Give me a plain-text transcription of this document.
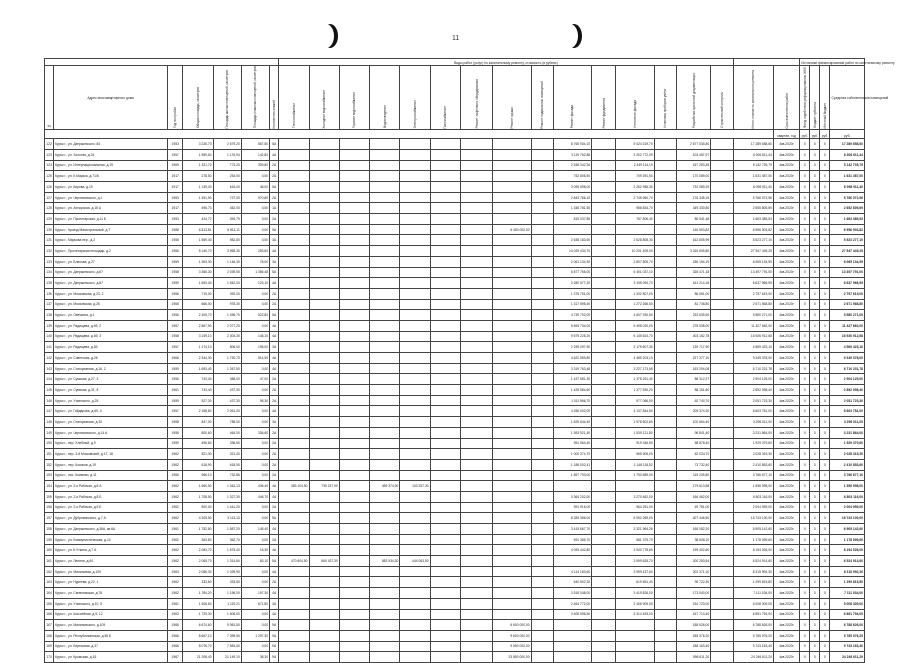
11
							Виды работ (услуг) по капитальному ремонту, стоимость (в рублях)																	Источники финансирования работ по капитальному ремонту			
№	Адрес многоквартирного дома	Год постройки	Общая площадь, кв.метров	Площадь жилых помещений, кв.метров	Площадь нежилых помещений, кв.метров	Количество этажей	Теплоснабжение	Холодное водоснабжение	Горячее водоснабжение	Водоотведение	Электроснабжение	Газоснабжение	Ремонт лифтового оборудования	Ремонт крыши	Ремонт подвальных помещений	Ремонт фасада	Ремонт фундамента	Утепление фасада	Установка приборов учёта	Разработка проектной документации	Строительный контроль	Итого стоимость капитального ремонта	Срок выполнения работ	Фонд содействия реформированию ЖКХ	Бюджет субъекта	Местный бюджет	Средства собственников помещений
																							квартал, год	руб.	руб.	руб.	руб.
122	Курск г., ул. Дзержинского, 84	1953	3 226,70	2 679,20	567,50	5А										8 765 904,10		9 424 319,70		2 677 534,80		17 289 658,60	4кв.2020г	0	0	0	17 289 658,60
123	Курск г., ул. Золотая, д.24	1957	1 559,54	1 176,94	142,80	4А										3 119 762,88		3 202 772,09		103 457,97		6 306 611,44	4кв.2020г	0	0	0	6 306 611,44
124	Курск г., ул. Интернациональная, д.19	1969	1 321,70	773,20	309,80	2А										2 538 342,30		2 449 114,19		157 283,35		5 142 739,79	4кв.2020г	0	0	0	5 142 739,79
125	Курск г., ул. К.Маркса, д.71/6	1917	278,50	254,50	0,00	2А										752 806,50		709 391,50		170 089,00		1 631 487,00	4кв.2020г	0	0	0	1 631 487,00
126	Курск г., ул. Кирова, д.19	1917	1 139,30	616,00	48,00	5А										3 099 598,00		2 262 955,30		732 089,29		6 098 911,40	4кв.2020г	0	0	0	6 098 911,40
127	Курск г., ул. Черняховского, д.1	1953	1 491,90	727,00	970,80	2А										2 843 766,10		2 745 960,70		176 345,15		5 766 072,96	4кв.2020г	0	0	0	5 766 072,96
128	Курск г., ул. Ахтырская, д.18 А	1917	496,70	452,00	0,00	1А										1 348 781,50		986 834,70		349 330,80		2 655 805,69	4кв.2020г	0	0	0	2 652 805,69
129	Курск г., ул. Пролетарская, д.11 Б	1953	424,72	394,79	0,00	2А										815 037,85		767 806,40		80 541,48		1 663 385,53	4кв.2020г	0	0	0	1 663 385,53
130	Курск г., проезд Магистральный, д.7	1988	6 813,81	6 814,11	0,00	9А								6 450 000,00						146 903,82		6 596 903,82	4кв.2020г	0	0	0	6 596 903,82
131	Курск г., Маркова пер., д.2	1956	1 569,40	982,80	0,00	3А										2 638 183,60		2 628 808,30		162 605,99		5 523 277,10	4кв.2020г	0	0	0	5 523 277,10
132	Курск г., Пролетарская площадь, д.2	1966	5 140,70	3 965,30	253,60	4А										14 029 434,70		10 201 409,00		3 316 605,80		27 547 449,25	4кв.2020г	0	0	0	27 547 449,25
133	Курск г., ул. Блинова, д.27	1959	1 963,30	1 146,30	78,00	3А										2 061 134,30		2 807 805,70		186 194,19		6 065 134,59	4кв.2020г	0	0	0	6 065 134,59
134	Курск г., ул. Дзержинского, д.67	1958	3 366,30	2 039,50	1 366,48	5А										6 877 765,00		6 401 037,10		328 471,18		13 497 791,00	4кв.2020г	0	0	0	13 497 791,00
135	Курск г., ул. Дзержинского, д.87	1959	1 653,40	1 542,00	123,10	4А										3 280 577,20		3 195 094,70		161 214,18		6 637 966,95	4кв.2020г	0	0	0	6 637 966,95
136	Курск г., ул. Московская, д.23, 2	1956	719,00	392,00	0,00	2А										1 378 751,00		1 332 807,00		86 061,00		2 797 619,00	4кв.2020г	0	0	0	2 797 619,00
137	Курск г., ул. Московская, д.26	1966	666,00	978,30	0,00	2А										1 317 595,40		1 272 266,60		81 736,80		2 671 568,80	4кв.2020г	0	0	0	2 671 568,80
138	Курск г., ул. Овечкина, д.1	1956	2 405,70	1 496,70	522,80	5А										4 739 702,00		4 607 930,50		233 639,50		9 580 271,00	4кв.2020г	0	0	0	9 580 271,00
139	Курск г., ул. Радищева, д.69, 2	1957	2 867,90	2 077,20	0,00	4А										5 653 704,00		5 495 020,00		278 938,00		11 427 662,00	4кв.2020г	0	0	0	11 427 662,00
140	Курск г., ул. Радищева, д.69, 3	1958	3 249,10	2 304,30	146,10	4А										9 579 225,20		6 145 524,70		403 152,78		16 926 912,68	4кв.2020г	0	0	0	16 926 912,68
141	Курск г., ул. Радищева, д.83	1957	1 174,10	806,00	196,00	3А										2 259 097,90		2 175 607,30		139 717,90		4 569 423,10	4кв.2020г	0	0	0	4 569 423,10
142	Курск г., ул. Советская, д.26	1966	2 344,30	1 720,70	514,90	4А										4 622 559,80		4 489 203,10		227 377,10		9 349 378,00	4кв.2020г	0	0	0	9 349 378,00
143	Курск г., ул. Станционная, д.16, 2	1959	1 693,40	1 267,50	0,00	4А										3 319 763,48		3 227 173,65		163 294,08		6 710 231,78	4кв.2020г	0	0	0	6 710 231,78
144	Курск г., ул. Сумская, д.27, 3	1956	743,40	368,00	47,00	2А										1 437 581,30		1 378 261,40		88 312,27		2 904 125,00	4кв.2020г	0	0	0	2 904 125,00
145	Курск г., ул. Сумская, д.31, 8	1961	743,40	437,30	0,00	2А										1 425 584,60		1 377 530,20		88 151,60		2 892 098,40	4кв.2020г	0	0	0	2 892 098,40
146	Курск г., ул. Уткинского, д.25	1959	527,30	437,30	95,30	2А										1 011 566,70		977 066,00		62 740,70		2 051 723,30	4кв.2020г	0	0	0	2 051 723,30
147	Курск г., ул. Гайдарова, д.69, 4	1957	2 158,80	2 061,00	0,00	4А										4 256 002,00		4 137 844,50		209 374,20		8 603 781,00	4кв.2020г	0	0	0	8 603 781,00
148	Курск г., ул. Станционная, д.30	1958	847,00	785,00	0,00	3А										1 629 644,40		1 578 602,80		100 664,40		3 296 011,00	4кв.2020г	0	0	0	3 296 011,00
149	Курск г., ул. Черняховского, д.14 А	1956	800,60	464,00	336,60	2А										1 593 921,40		1 539 121,80		96 841,40		3 231 864,00	4кв.2020г	0	0	0	3 231 864,00
150	Курск г., пер. Хлебный, д.9	1959	496,60	336,50	0,00	2А										951 064,40		919 346,80		58 878,40		1 929 379,60	4кв.2020г	0	0	0	1 929 379,60
151	Курск г., пер. 3-й Московский, д.17, 18	1962	521,30	321,40	0,00	2А										1 000 374,70		965 905,00		62 034,70		2 028 315,30	4кв.2020г	0	0	0	2 028 315,30
152	Курск г., пер. Косиков, д.19	1962	618,90	618,90	0,00	2А										1 188 002,41		1 148 118,52		73 732,40		2 410 853,60	4кв.2020г	0	0	0	2 410 853,60
153	Курск г., пос. Климово, д.11	1965	966,10	732,86	0,00	2А										1 857 793,00		1 753 689,00		115 205,80		3 766 677,10	4кв.2020г	0	0	0	3 766 677,10
154	Курск г., ул. 2-я Рабочая, д.8 А	1962	1 660,50	1 344,13	436,40	4А	383 104,50	739 237,90		459 374,90	103 257,30									179 613,58		1 596 998,00	4кв.2020г	0	0	0	1 596 998,00
155	Курск г., ул. 2-я Рабочая, д.8 Б	1962	1 708,50	1 327,30	446,70	4А										3 364 202,00		3 270 462,00		166 462,00		6 803 116,00	4кв.2020г	0	0	0	6 803 116,00
156	Курск г., ул. 2-я Рабочая, д.9 Б	1962	500,00	1 441,20	0,00	2А										991 916,00		964 251,00		49 781,00		2 004 959,00	4кв.2020г	0	0	0	2 004 959,00
157	Курск г., ул. Дубровинского, д.7 А	1962	4 205,50	3 113,10	0,00	5А										8 283 366,00		8 052 269,00		407 446,50		16 743 100,00	4кв.2020г	0	0	0	16 743 100,00
158	Курск г., ул. Дзержинского, д.36А, кв.6А	1961	1 752,80	1 587,20	145,40	4А										3 415 667,70		3 321 964,26		168 082,20		6 905 142,60	4кв.2020г	0	0	0	6 905 142,60
159	Курск г., ул. Коммунистическая, д.14	1962	363,80	362,70	0,00	2А										591 385,70		581 379,70		38 848,10		1 178 099,60	4кв.2020г	0	0	0	1 178 099,60
160	Курск г., ул. К.Уткина, д.7 А	1962	2 083,70	1 575,40	18,30	4А										4 053 442,80		3 940 778,60		199 402,60		8 194 026,00	4кв.2020г	0	0	0	8 194 026,00
161	Курск г., ул. Ленина, д.64	1962	2 065,70	1 314,60	83,10	5А	470 604,50	660 437,30		583 934,30	444 063,50							3 999 625,70		200 253,54		6 524 914,60	4кв.2020г	0	0	0	6 524 914,60
162	Курск г., ул. Малиновая, д.109	1963	2 086,30	1 029,90	0,00	4А										4 114 183,60		3 999 437,60		202 371,10		8 315 992,30	4кв.2020г	0	0	0	8 315 992,30
163	Курск г., ул. Нуреева, д.22, 1	1962	333,60	333,60	0,00	2А										640 502,20		619 551,40		39 722,30		1 299 815,80	4кв.2020г	0	0	0	1 299 815,80
164	Курск г., ул. Семеновская, д.76	1962	1 784,20	1 196,00	197,30	4А										3 518 048,00		3 419 826,00		173 040,00		7 111 034,00	4кв.2020г	0	0	0	7 111 034,00
165	Курск г., ул. Уткинского, д.10, 5	1961	1 306,60	1 119,21	671,80	3А										2 464 772,00		2 408 905,00		154 723,00		5 008 309,00	4кв.2020г	0	0	0	5 008 309,00
166	Курск г., ул. Шоссейная, д.9, 12	1963	1 729,30	1 606,00	0,00	4А										3 405 596,50		3 314 493,00		167 713,40		6 891 794,00	4кв.2020г	0	0	0	6 891 794,00
167	Курск г., ул. Малиновского, д.109	1966	6 674,60	5 981,50	0,00	9А								6 600 000,00						188 626,00		6 788 626,00	4кв.2020г	0	0	0	6 788 626,00
168	Курск г., ул. Республиканская, д.55 Б	1966	8 667,10	7 399,50	1 297,30	9А								9 600 000,00						185 076,20		9 785 076,20	4кв.2020г	0	0	0	9 785 076,20
169	Курск г., ул. Березовая, д.37	1966	8 076,70	7 584,60	0,00	9А								9 550 000,00						188 163,40		9 743 163,40	4кв.2020г	0	0	0	9 743 163,40
170	Курск г., ул. Кромская, д.16	1967	21 208,40	21 149,10	38,30	9А								23 850 000,00						596 611,20		24 246 611,20	4кв.2020г	0	0	0	24 246 611,20
